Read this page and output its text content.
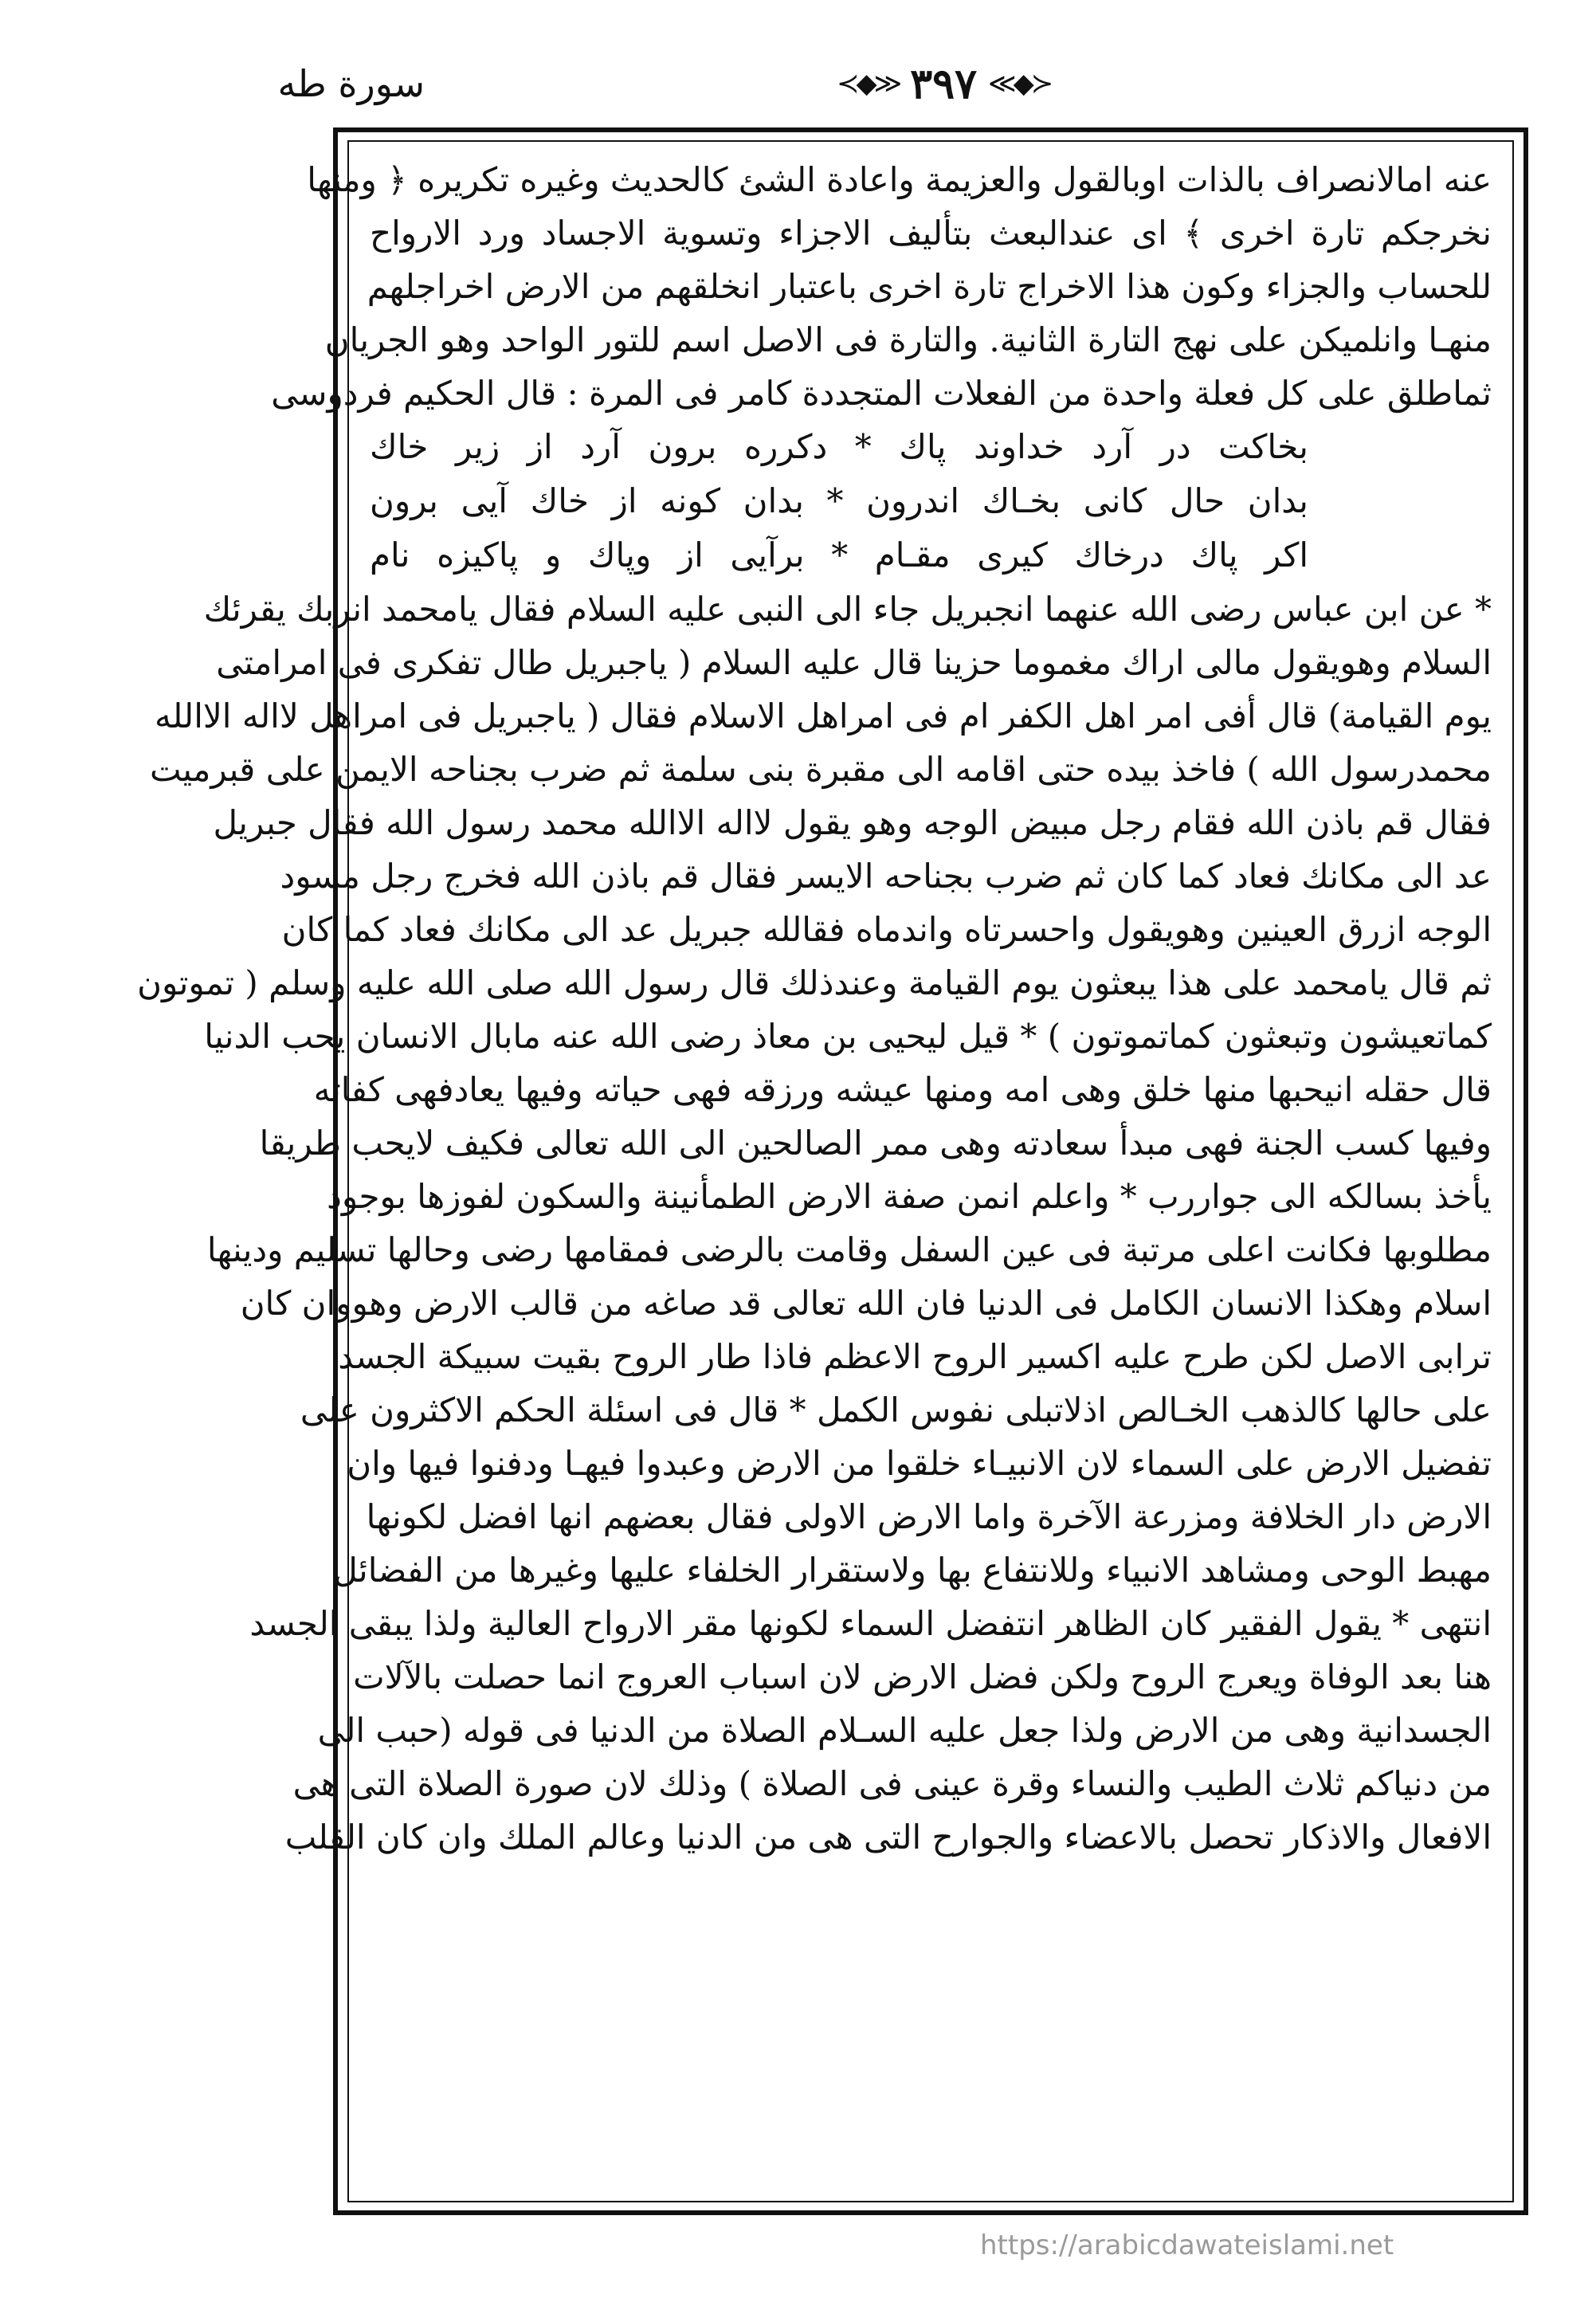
سورة طه	≺◆≫ ۳۹۷ ≪◆≻
عنه امالانصراف بالذات اوبالقول والعزيمة واعادة الشئ كالحديث وغيره تكريره ﴿ ومنها
نخرجكم تارة اخرى ﴾ اى عندالبعث بتأليف الاجزاء وتسوية الاجساد ورد الارواح
للحساب والجزاء وكون هذا الاخراج تارة اخرى باعتبار انخلقهم من الارض اخراجلهم
منهـا وانلميكن على نهج التارة الثانية. والتارة فى الاصل اسم للتور الواحد وهو الجريان
ثماطلق على كل فعلة واحدة من الفعلات المتجددة كامر فى المرة : قال الحكيم فردوسى
بخاكت در آرد خداوند پاك * دكرره برون آرد از زير خاك
بدان حال كانى بخـاك اندرون * بدان كونه از خاك آيى برون
اكر پاك درخاك كيرى مقـام * برآيى از وپاك و پاكيزه نام
* عن ابن عباس رضى الله عنهما انجبريل جاء الى النبى عليه السلام فقال يامحمد انربك يقرئك
السلام وهويقول مالى اراك مغموما حزينا قال عليه السلام ( ياجبريل طال تفكرى فى امرامتى
يوم القيامة) قال أفى امر اهل الكفر ام فى امراهل الاسلام فقال ( ياجبريل فى امراهل لااله الاالله
محمدرسول الله ) فاخذ بيده حتى اقامه الى مقبرة بنى سلمة ثم ضرب بجناحه الايمن على قبرميت
فقال قم باذن الله فقام رجل مبيض الوجه وهو يقول لااله الاالله محمد رسول الله فقال جبريل
عد الى مكانك فعاد كما كان ثم ضرب بجناحه الايسر فقال قم باذن الله فخرج رجل مسود
الوجه ازرق العينين وهويقول واحسرتاه واندماه فقالله جبريل عد الى مكانك فعاد كما كان
ثم قال يامحمد على هذا يبعثون يوم القيامة وعندذلك قال رسول الله صلى الله عليه وسلم ( تموتون
كماتعيشون وتبعثون كماتموتون ) * قيل ليحيى بن معاذ رضى الله عنه مابال الانسان يحب الدنيا
قال حقله انيحبها منها خلق وهى امه ومنها عيشه ورزقه فهى حياته وفيها يعادفهى كفاته
وفيها كسب الجنة فهى مبدأ سعادته وهى ممر الصالحين الى الله تعالى فكيف لايحب طريقا
يأخذ بسالكه الى جواررب * واعلم انمن صفة الارض الطمأنينة والسكون لفوزها بوجود
مطلوبها فكانت اعلى مرتبة فى عين السفل وقامت بالرضى فمقامها رضى وحالها تسليم ودينها
اسلام وهكذا الانسان الكامل فى الدنيا فان الله تعالى قد صاغه من قالب الارض وهووان كان
ترابى الاصل لكن طرح عليه اكسير الروح الاعظم فاذا طار الروح بقيت سبيكة الجسد
على حالها كالذهب الخـالص اذلاتبلى نفوس الكمل * قال فى اسئلة الحكم الاكثرون على
تفضيل الارض على السماء لان الانبيـاء خلقوا من الارض وعبدوا فيهـا ودفنوا فيها وان
الارض دار الخلافة ومزرعة الآخرة واما الارض الاولى فقال بعضهم انها افضل لكونها
مهبط الوحى ومشاهد الانبياء وللانتفاع بها ولاستقرار الخلفاء عليها وغيرها من الفضائل
انتهى * يقول الفقير كان الظاهر انتفضل السماء لكونها مقر الارواح العالية ولذا يبقى الجسد
هنا بعد الوفاة ويعرج الروح ولكن فضل الارض لان اسباب العروج انما حصلت بالآلات
الجسدانية وهى من الارض ولذا جعل عليه السـلام الصلاة من الدنيا فى قوله (حبب الى
من دنياكم ثلاث الطيب والنساء وقرة عينى فى الصلاة ) وذلك لان صورة الصلاة التى هى
الافعال والاذكار تحصل بالاعضاء والجوارح التى هى من الدنيا وعالم الملك وان كان القلب
https://arabicdawateislami.net
